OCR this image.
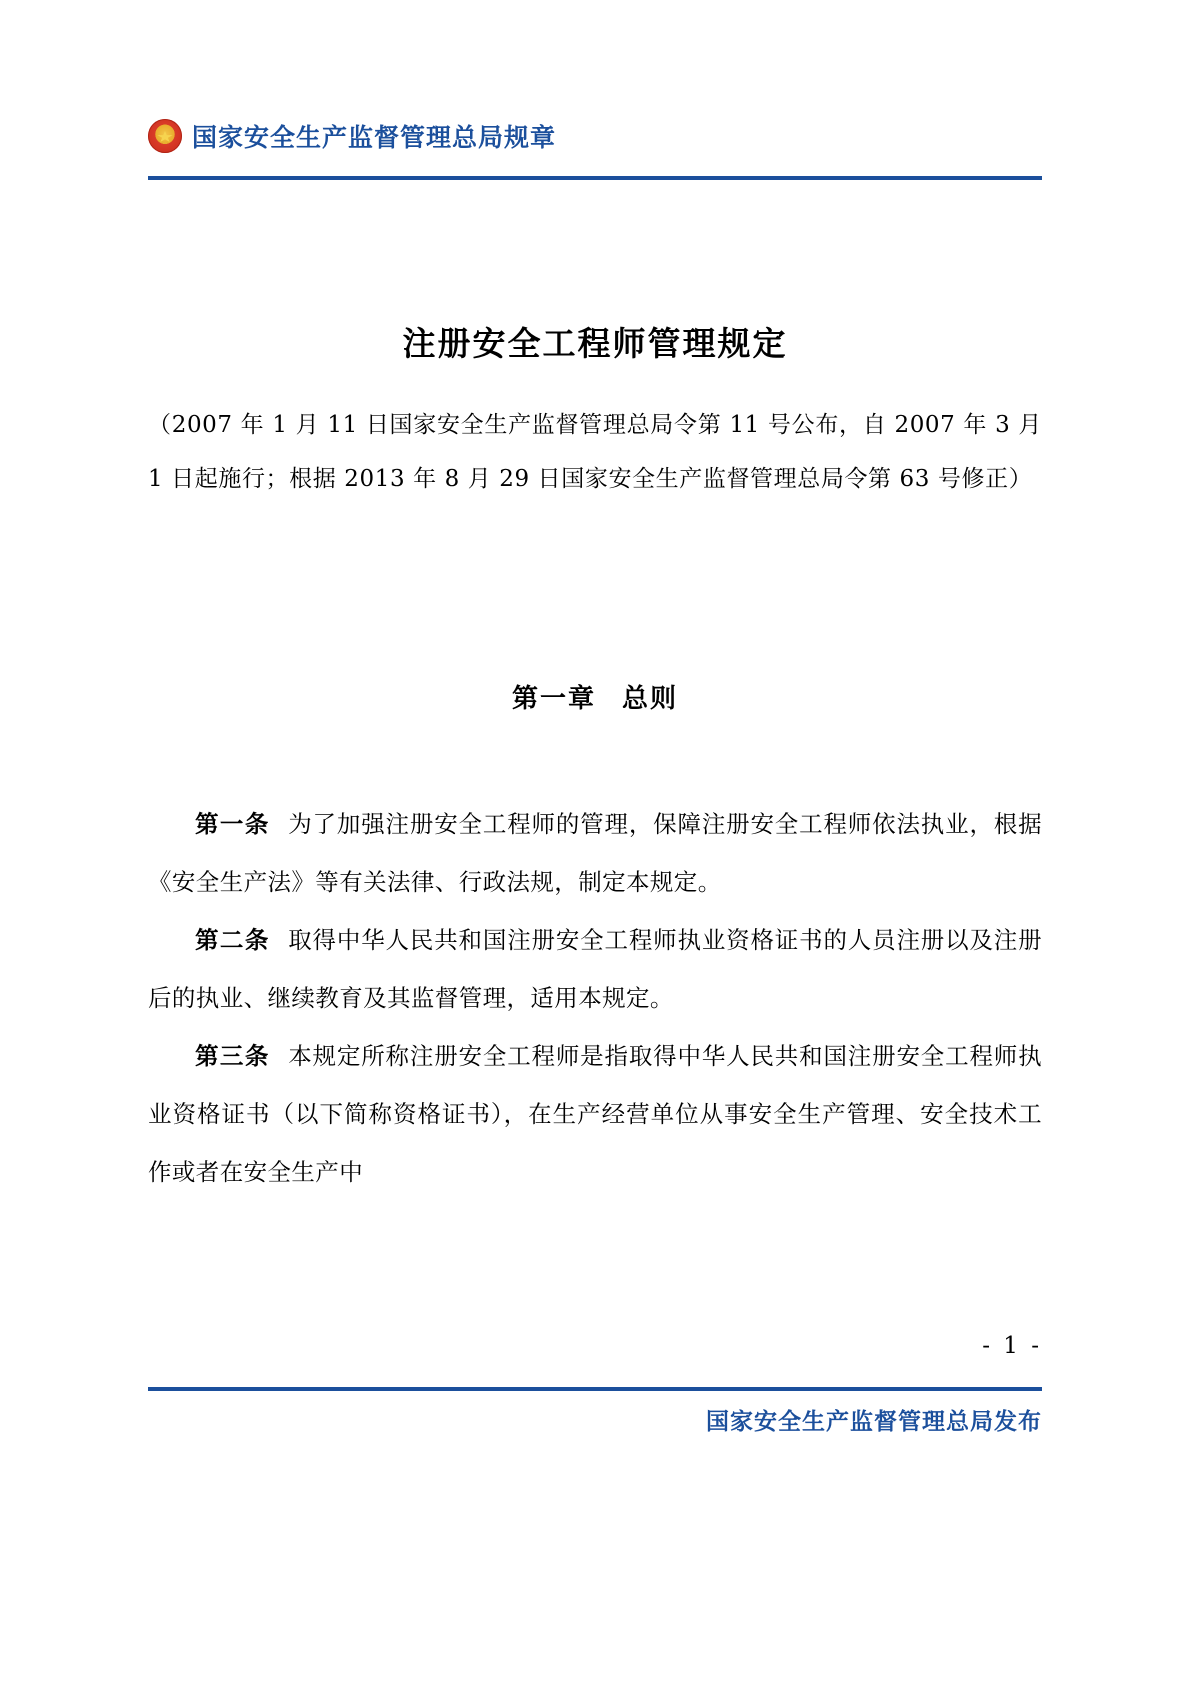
国家安全生产监督管理总局规章
注册安全工程师管理规定
（2007 年 1 月 11 日国家安全生产监督管理总局令第 11 号公布，自 2007 年 3 月 1 日起施行；根据 2013 年 8 月 29 日国家安全生产监督管理总局令第 63 号修正）
第一章 总则

第一条 为了加强注册安全工程师的管理，保障注册安全工程师依法执业，根据《安全生产法》等有关法律、行政法规，制定本规定。

第二条 取得中华人民共和国注册安全工程师执业资格证书的人员注册以及注册后的执业、继续教育及其监督管理，适用本规定。

第三条 本规定所称注册安全工程师是指取得中华人民共和国注册安全工程师执业资格证书（以下简称资格证书），在生产经营单位从事安全生产管理、安全技术工作或者在安全生产中

- 1 -
国家安全生产监督管理总局发布
